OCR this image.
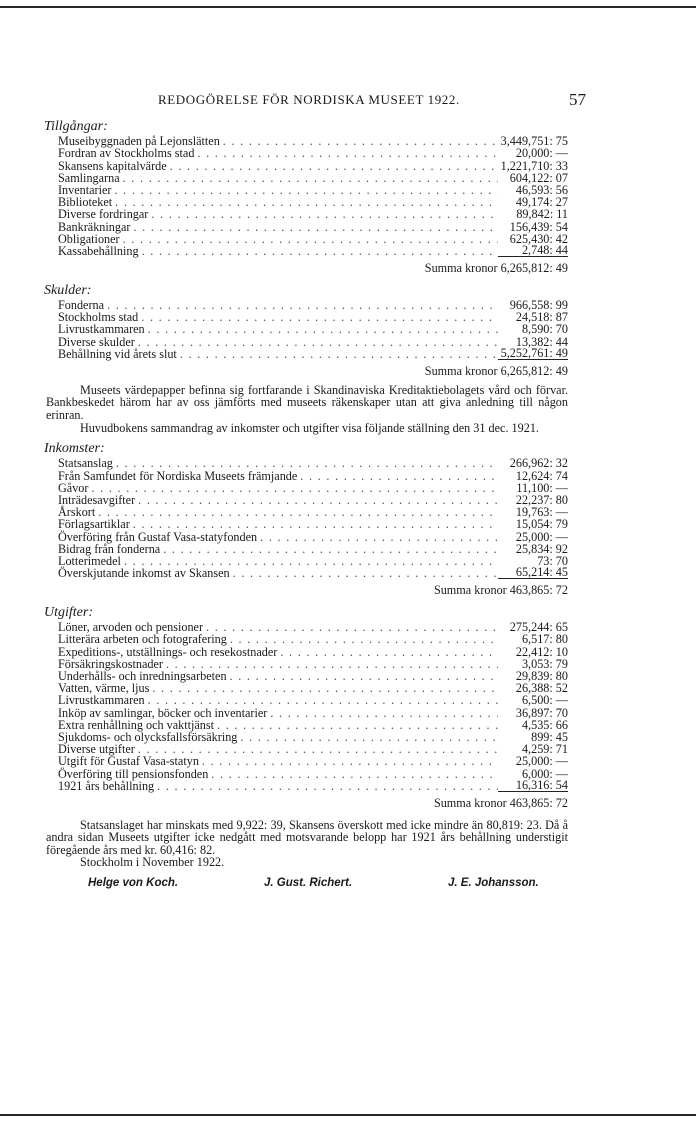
REDOGÖRELSE FÖR NORDISKA MUSEET 1922.	57
Tillgångar:
Museibyggnaden på Lejonslätten . . .	3,449,751: 75
Fordran av Stockholms stad . . .	20,000: —
Skansens kapitalvärde . . .	1,221,710: 33
Samlingarna . . .	604,122: 07
Inventarier . . .	46,593: 56
Biblioteket . . .	49,174: 27
Diverse fordringar . . .	89,842: 11
Bankräkningar . . .	156,439: 54
Obligationer . . .	625,430: 42
Kassabehållning . . .	2,748: 44
Summa kronor 6,265,812: 49
Skulder:
Fonderna . . .	966,558: 99
Stockholms stad . . .	24,518: 87
Livrustkammaren . . .	8,590: 70
Diverse skulder . . .	13,382: 44
Behållning vid årets slut . . .	5,252,761: 49
Summa kronor 6,265,812: 49

Museets värdepapper befinna sig fortfarande i Skandinaviska Kreditaktiebolagets vård och förvar. Bankbeskedet härom har av oss jämförts med museets räkenskaper utan att giva anledning till någon erinran.

Huvudbokens sammandrag av inkomster och utgifter visa följande ställning den 31 dec. 1921.

Inkomster:
Statsanslag . . .	266,962: 32
Från Samfundet för Nordiska Museets främjande . . .	12,624: 74
Gåvor . . .	11,100: —
Inträdesavgifter . . .	22,237: 80
Årskort . . .	19,763: —
Förlagsartiklar . . .	15,054: 79
Överföring från Gustaf Vasa-statyfonden . . .	25,000: —
Bidrag från fonderna . . .	25,834: 92
Lotterimedel . . .	73: 70
Överskjutande inkomst av Skansen . . .	65,214: 45
Summa kronor 463,865: 72
Utgifter:
Löner, arvoden och pensioner . . .	275,244: 65
Litterära arbeten och fotografering . . .	6,517: 80
Expeditions-, utställnings- och resekostnader . . .	22,412: 10
Försäkringskostnader . . .	3,053: 79
Underhålls- och inredningsarbeten . . .	29,839: 80
Vatten, värme, ljus . . .	26,388: 52
Livrustkammaren . . .	6,500: —
Inköp av samlingar, böcker och inventarier . . .	36,897: 70
Extra renhållning och vakttjänst . . .	4,535: 66
Sjukdoms- och olycksfallsförsäkring . . .	899: 45
Diverse utgifter . . .	4,259: 71
Utgift för Gustaf Vasa-statyn . . .	25,000: —
Överföring till pensionsfonden . . .	6,000: —
1921 års behållning . . .	16,316: 54
Summa kronor 463,865: 72

Statsanslaget har minskats med 9,922: 39, Skansens överskott med icke mindre än 80,819: 23. Då å andra sidan Museets utgifter icke nedgått med motsvarande belopp har 1921 års behållning understigit föregående års med kr. 60,416: 82.

Stockholm i November 1922.

Helge von Koch.	J. Gust. Richert.	J. E. Johansson.
